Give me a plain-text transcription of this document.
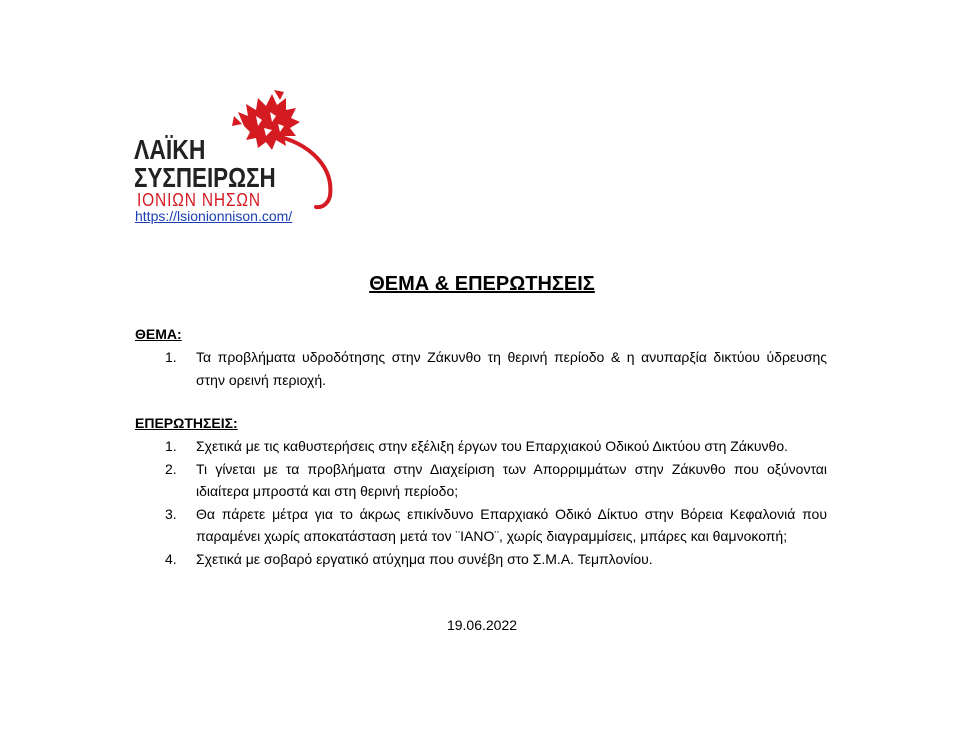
ΛΑΪΚΗ
ΣΥΣΠΕΙΡΩΣΗ
ΙΟΝΙΩΝ ΝΗΣΩΝ
https://lsionionnison.com/
ΘΕΜΑ & ΕΠΕΡΩΤΗΣΕΙΣ
ΘΕΜΑ:
1. Τα προβλήματα υδροδότησης στην Ζάκυνθο τη θερινή περίοδο & η ανυπαρξία δικτύου ύδρευσης στην ορεινή περιοχή.
ΕΠΕΡΩΤΗΣΕΙΣ:
1. Σχετικά με τις καθυστερήσεις στην εξέλιξη έργων του Επαρχιακού Οδικού Δικτύου στη Ζάκυνθο.
2. Τι γίνεται με τα προβλήματα στην Διαχείριση των Απορριμμάτων στην Ζάκυνθο που οξύνονται ιδιαίτερα μπροστά και στη θερινή περίοδο;
3. Θα πάρετε μέτρα για το άκρως επικίνδυνο Επαρχιακό Οδικό Δίκτυο στην Βόρεια Κεφαλονιά που παραμένει χωρίς αποκατάσταση μετά τον ¨ΙΑΝΟ¨, χωρίς διαγραμμίσεις, μπάρες και θαμνοκοπή;
4. Σχετικά με σοβαρό εργατικό ατύχημα που συνέβη στο Σ.Μ.Α. Τεμπλονίου.
19.06.2022
